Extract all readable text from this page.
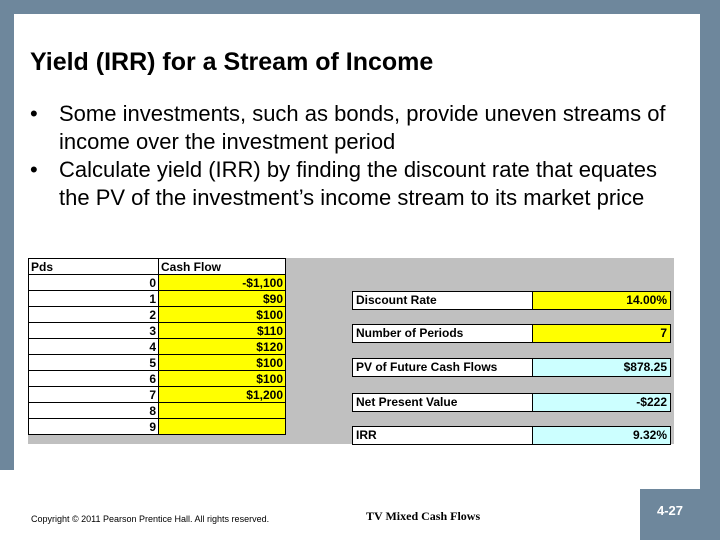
Yield (IRR) for a Stream of Income
• Some investments, such as bonds, provide uneven streams of income over the investment period
• Calculate yield (IRR) by finding the discount rate that equates the PV of the investment’s income stream to its market price
Pds	Cash Flow
0	-$1,100
1	$90
2	$100
3	$110
4	$120
5	$100
6	$100
7	$1,200
8	
9	
Discount Rate	14.00%
Number of Periods	7
PV of Future Cash Flows	$878.25
Net Present Value	-$222
IRR	9.32%
Copyright © 2011 Pearson Prentice Hall. All rights reserved.	TV Mixed Cash Flows	4-27
